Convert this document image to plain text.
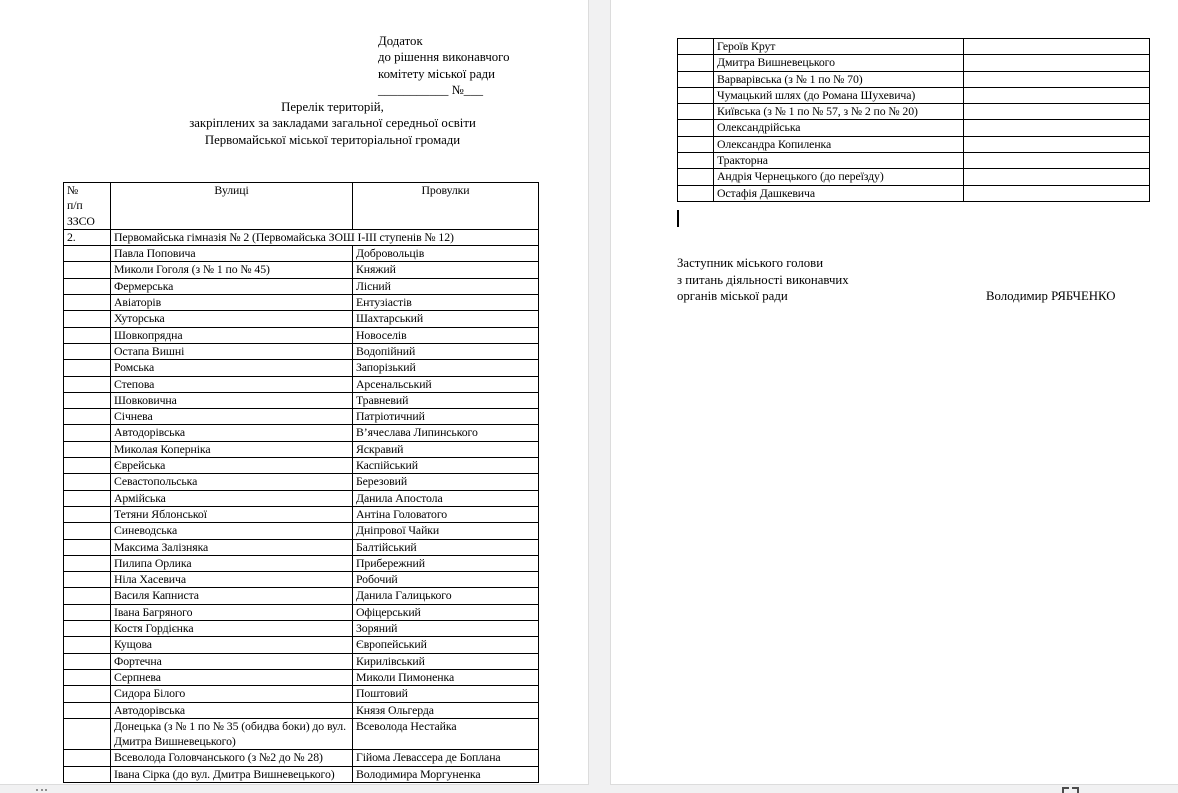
Додаток
до рішення виконавчого
комітету міської ради
___________ №___
Перелік територій,
закріплених за закладами загальної середньої освіти
Первомайської міської територіальної громади
№
п/п
ЗЗСО	Вулиці	Провулки
2.	Первомайська гімназія № 2 (Первомайська ЗОШ І-ІІІ ступенів № 12)	
	Павла Поповича	Добровольців
	Миколи Гоголя (з № 1 по № 45)	Княжий
	Фермерська	Лісний
	Авіаторів	Ентузіастів
	Хуторська	Шахтарський
	Шовкопрядна	Новоселів
	Остапа Вишні	Водопійний
	Ромська	Запорізький
	Степова	Арсенальський
	Шовковична	Травневий
	Січнева	Патріотичний
	Автодорівська	В’ячеслава Липинського
	Миколая Коперніка	Яскравий
	Єврейська	Каспійський
	Севастопольська	Березовий
	Армійська	Данила Апостола
	Тетяни Яблонської	Антіна Головатого
	Синеводська	Дніпрової Чайки
	Максима Залізняка	Балтійський
	Пилипа Орлика	Прибережний
	Ніла Хасевича	Робочий
	Василя Капниста	Данила Галицького
	Івана Багряного	Офіцерський
	Костя Гордієнка	Зоряний
	Кущова	Європейський
	Фортечна	Кирилівський
	Серпнева	Миколи Пимоненка
	Сидора Білого	Поштовий
	Автодорівська	Князя Ольгерда
	Донецька (з № 1 по № 35 (обидва боки) до вул. Дмитра Вишневецького)	Всеволода Нестайка
	Всеволода Головчанського (з №2 до № 28)	Гійома Левассера де Боплана
	Івана Сірка (до вул. Дмитра Вишневецького)	Володимира Моргуненка
	Героїв Крут	
	Дмитра Вишневецького	
	Варварівська (з № 1 по № 70)	
	Чумацький шлях (до Романа Шухевича)	
	Київська (з № 1 по № 57, з № 2 по № 20)	
	Олександрійська	
	Олександра Копиленка	
	Тракторна	
	Андрія Чернецького (до переїзду)	
	Остафія Дашкевича	
Заступник міського голови
з питань діяльності виконавчих
органів міської ради	Володимир РЯБЧЕНКО
